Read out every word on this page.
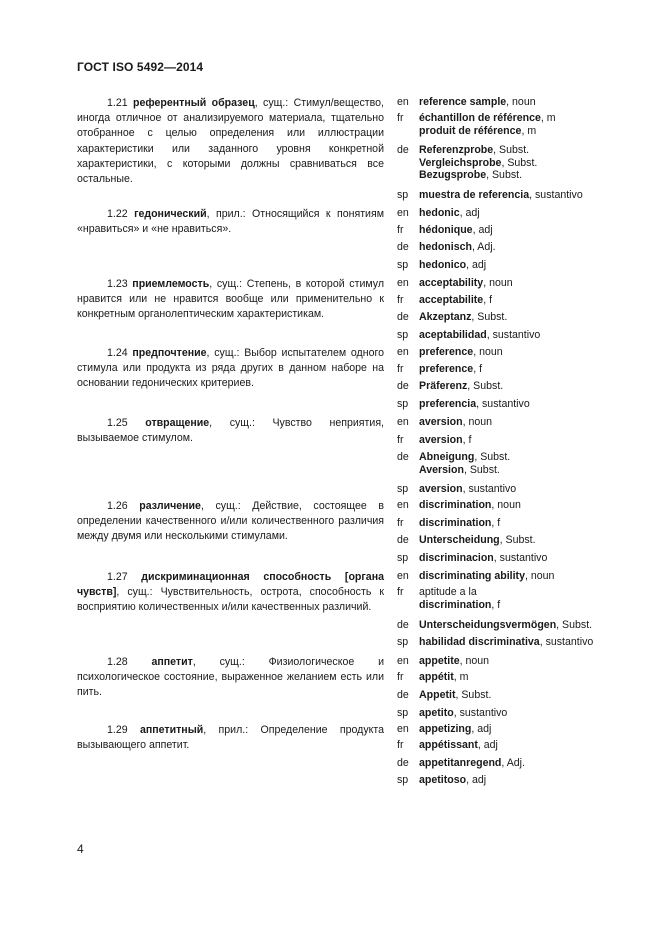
ГОСТ ISO 5492—2014
1.21 референтный образец, сущ.: Стимул/вещество, иногда отличное от анализируемого материала, тщательно отобранное с целью определения или иллюстрации характеристики или заданного уровня конкретной характеристики, с которыми должны сравниваться все остальные.
en reference sample, noun
fr échantillon de référence, m
produit de référence, m
de Referenzprobe, Subst.
Vergleichsprobe, Subst.
Bezugsprobe, Subst.
sp muestra de referencia, sustantivo
1.22 гедонический, прил.: Относящийся к понятиям «нравиться» и «не нравиться».
en hedonic, adj
fr hédonique, adj
de hedonisch, Adj.
sp hedonico, adj
1.23 приемлемость, сущ.: Степень, в которой стимул нравится или не нравится вообще или применительно к конкретным органолептическим характеристикам.
en acceptability, noun
fr acceptabilite, f
de Akzeptanz, Subst.
sp aceptabilidad, sustantivo
1.24 предпочтение, сущ.: Выбор испытателем одного стимула или продукта из ряда других в данном наборе на основании гедонических критериев.
en preference, noun
fr preference, f
de Präferenz, Subst.
sp preferencia, sustantivo
1.25 отвращение, сущ.: Чувство неприятия, вызываемое стимулом.
en aversion, noun
fr aversion, f
de Abneigung, Subst.
Aversion, Subst.
sp aversion, sustantivo
1.26 различение, сущ.: Действие, состоящее в определении качественного и/или количественного различия между двумя или несколькими стимулами.
en discrimination, noun
fr discrimination, f
de Unterscheidung, Subst.
sp discriminacion, sustantivo
1.27 дискриминационная способность [органа чувств], сущ.: Чувствительность, острота, способность к восприятию количественных и/или качественных различий.
en discriminating ability, noun
fr aptitude a la
discrimination, f
de Unterscheidungsvermögen, Subst.
sp habilidad discriminativa, sustantivo
1.28 аппетит, сущ.: Физиологическое и психологическое состояние, выраженное желанием есть или пить.
en appetite, noun
fr appétit, m
de Appetit, Subst.
sp apetito, sustantivo
1.29 аппетитный, прил.: Определение продукта вызывающего аппетит.
en appetizing, adj
fr appétissant, adj
de appetitanregend, Adj.
sp apetitoso, adj
4
